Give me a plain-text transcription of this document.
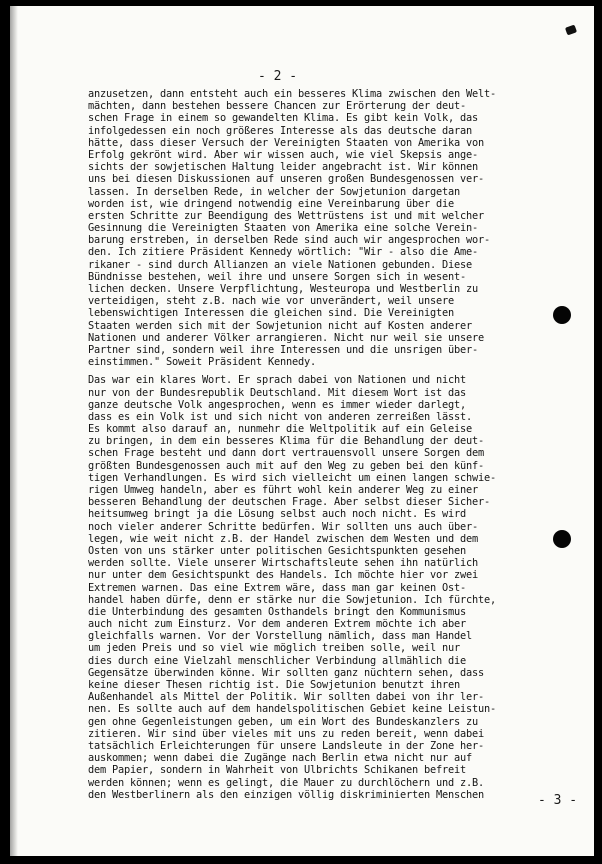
- 2 -
anzusetzen, dann entsteht auch ein besseres Klima zwischen den Welt-
mächten, dann bestehen bessere Chancen zur Erörterung der deut-
schen Frage in einem so gewandelten Klima. Es gibt kein Volk, das
infolgedessen ein noch größeres Interesse als das deutsche daran
hätte, dass dieser Versuch der Vereinigten Staaten von Amerika von
Erfolg gekrönt wird. Aber wir wissen auch, wie viel Skepsis ange-
sichts der sowjetischen Haltung leider angebracht ist. Wir können
uns bei diesen Diskussionen auf unseren großen Bundesgenossen ver-
lassen. In derselben Rede, in welcher der Sowjetunion dargetan
worden ist, wie dringend notwendig eine Vereinbarung über die
ersten Schritte zur Beendigung des Wettrüstens ist und mit welcher
Gesinnung die Vereinigten Staaten von Amerika eine solche Verein-
barung erstreben, in derselben Rede sind auch wir angesprochen wor-
den. Ich zitiere Präsident Kennedy wörtlich: "Wir - also die Ame-
rikaner - sind durch Allianzen an viele Nationen gebunden. Diese
Bündnisse bestehen, weil ihre und unsere Sorgen sich in wesent-
lichen decken. Unsere Verpflichtung, Westeuropa und Westberlin zu
verteidigen, steht z.B. nach wie vor unverändert, weil unsere
lebenswichtigen Interessen die gleichen sind. Die Vereinigten
Staaten werden sich mit der Sowjetunion nicht auf Kosten anderer
Nationen und anderer Völker arrangieren. Nicht nur weil sie unsere
Partner sind, sondern weil ihre Interessen und die unsrigen über-
einstimmen." Soweit Präsident Kennedy.
Das war ein klares Wort. Er sprach dabei von Nationen und nicht
nur von der Bundesrepublik Deutschland. Mit diesem Wort ist das
ganze deutsche Volk angesprochen, wenn es immer wieder darlegt,
dass es ein Volk ist und sich nicht von anderen zerreißen lässt.
Es kommt also darauf an, nunmehr die Weltpolitik auf ein Geleise
zu bringen, in dem ein besseres Klima für die Behandlung der deut-
schen Frage besteht und dann dort vertrauensvoll unsere Sorgen dem
größten Bundesgenossen auch mit auf den Weg zu geben bei den künf-
tigen Verhandlungen. Es wird sich vielleicht um einen langen schwie-
rigen Umweg handeln, aber es führt wohl kein anderer Weg zu einer
besseren Behandlung der deutschen Frage. Aber selbst dieser Sicher-
heitsumweg bringt ja die Lösung selbst auch noch nicht. Es wird
noch vieler anderer Schritte bedürfen. Wir sollten uns auch über-
legen, wie weit nicht z.B. der Handel zwischen dem Westen und dem
Osten von uns stärker unter politischen Gesichtspunkten gesehen
werden sollte. Viele unserer Wirtschaftsleute sehen ihn natürlich
nur unter dem Gesichtspunkt des Handels. Ich möchte hier vor zwei
Extremen warnen. Das eine Extrem wäre, dass man gar keinen Ost-
handel haben dürfe, denn er stärke nur die Sowjetunion. Ich fürchte,
die Unterbindung des gesamten Osthandels bringt den Kommunismus
auch nicht zum Einsturz. Vor dem anderen Extrem möchte ich aber
gleichfalls warnen. Vor der Vorstellung nämlich, dass man Handel
um jeden Preis und so viel wie möglich treiben solle, weil nur
dies durch eine Vielzahl menschlicher Verbindung allmählich die
Gegensätze überwinden könne. Wir sollten ganz nüchtern sehen, dass
keine dieser Thesen richtig ist. Die Sowjetunion benutzt ihren
Außenhandel als Mittel der Politik. Wir sollten dabei von ihr ler-
nen. Es sollte auch auf dem handelspolitischen Gebiet keine Leistun-
gen ohne Gegenleistungen geben, um ein Wort des Bundeskanzlers zu
zitieren. Wir sind über vieles mit uns zu reden bereit, wenn dabei
tatsächlich Erleichterungen für unsere Landsleute in der Zone her-
auskommen; wenn dabei die Zugänge nach Berlin etwa nicht nur auf
dem Papier, sondern in Wahrheit von Ulbrichts Schikanen befreit
werden können; wenn es gelingt, die Mauer zu durchlöchern und z.B.
den Westberlinern als den einzigen völlig diskriminierten Menschen	- 3 -
